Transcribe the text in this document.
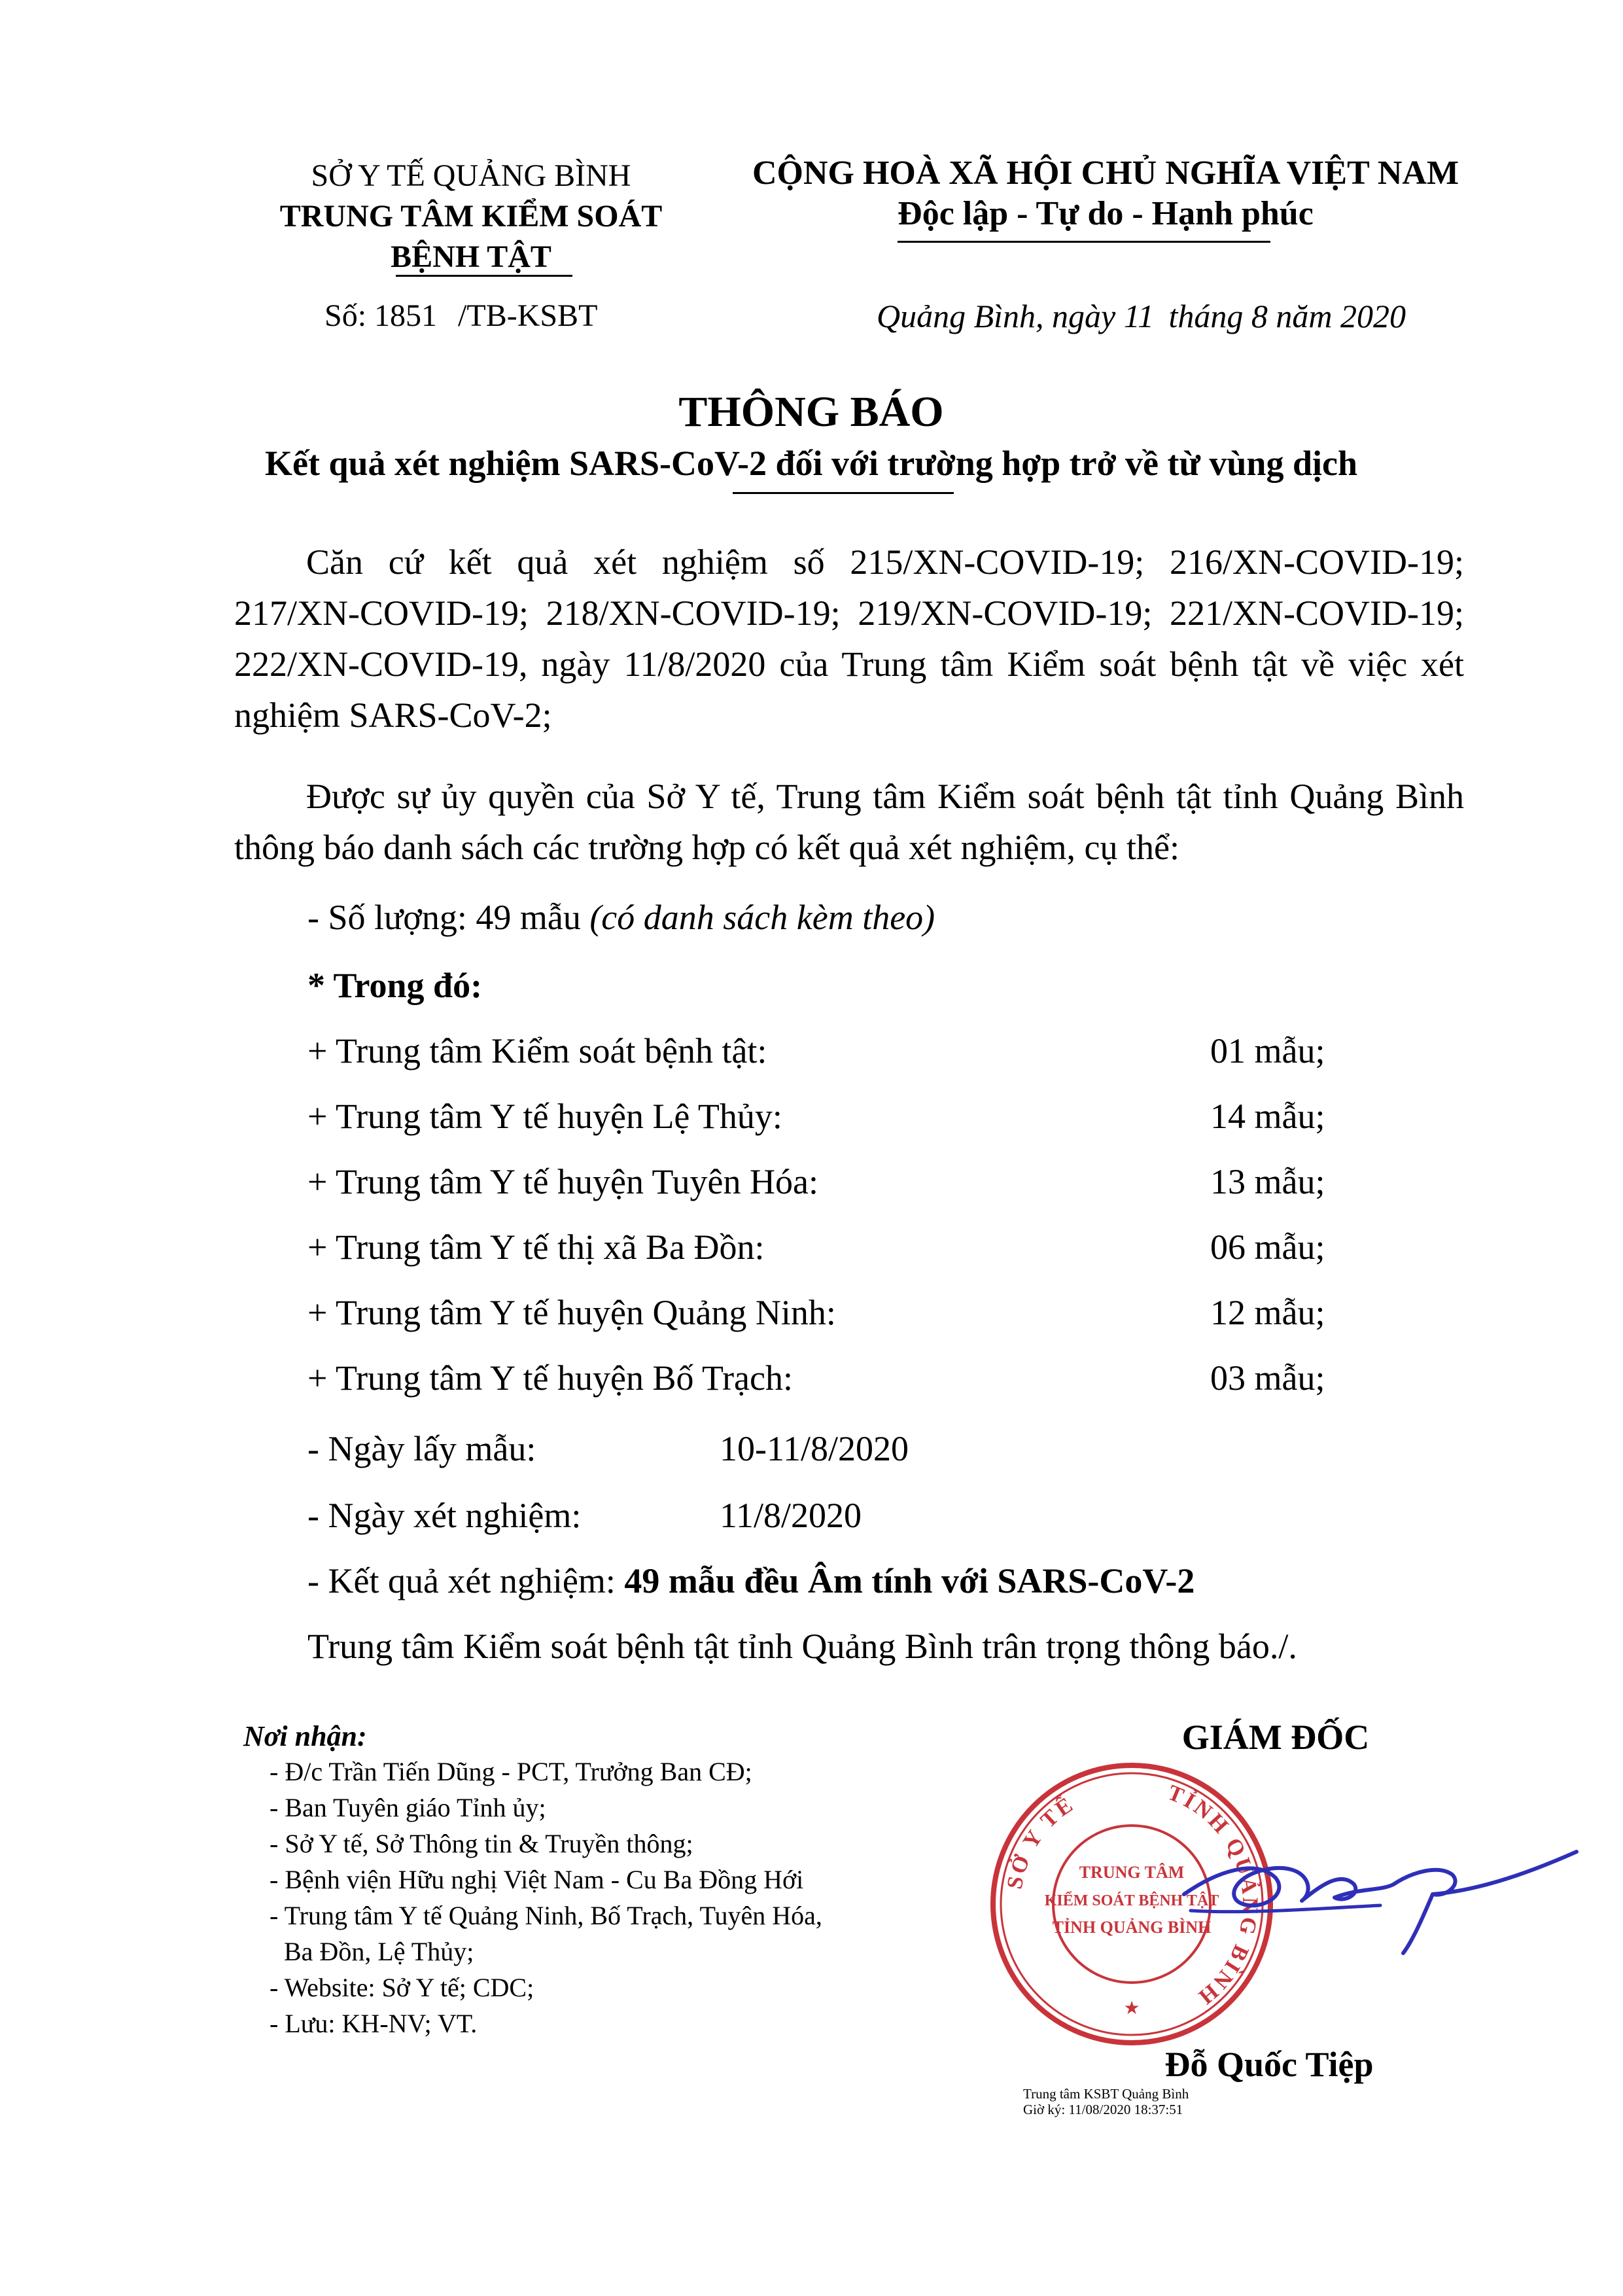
SỞ Y TẾ QUẢNG BÌNH
TRUNG TÂM KIỂM SOÁT
BỆNH TẬT
Số: 1851 /TB-KSBT
CỘNG HOÀ XÃ HỘI CHỦ NGHĨA VIỆT NAM
Độc lập - Tự do - Hạnh phúc
Quảng Bình, ngày 11 tháng 8 năm 2020
THÔNG BÁO
Kết quả xét nghiệm SARS-CoV-2 đối với trường hợp trở về từ vùng dịch
Căn cứ kết quả xét nghiệm số 215/XN-COVID-19; 216/XN-COVID-19; 217/XN-COVID-19; 218/XN-COVID-19; 219/XN-COVID-19; 221/XN-COVID-19; 222/XN-COVID-19, ngày 11/8/2020 của Trung tâm Kiểm soát bệnh tật về việc xét nghiệm SARS-CoV-2;
Được sự ủy quyền của Sở Y tế, Trung tâm Kiểm soát bệnh tật tỉnh Quảng Bình thông báo danh sách các trường hợp có kết quả xét nghiệm, cụ thể:
- Số lượng: 49 mẫu (có danh sách kèm theo)
* Trong đó:
+ Trung tâm Kiểm soát bệnh tật:	01 mẫu;
+ Trung tâm Y tế huyện Lệ Thủy:	14 mẫu;
+ Trung tâm Y tế huyện Tuyên Hóa:	13 mẫu;
+ Trung tâm Y tế thị xã Ba Đồn:	06 mẫu;
+ Trung tâm Y tế huyện Quảng Ninh:	12 mẫu;
+ Trung tâm Y tế huyện Bố Trạch:	03 mẫu;
- Ngày lấy mẫu:	10-11/8/2020
- Ngày xét nghiệm:	11/8/2020
- Kết quả xét nghiệm: 49 mẫu đều Âm tính với SARS-CoV-2
Trung tâm Kiểm soát bệnh tật tỉnh Quảng Bình trân trọng thông báo./.
Nơi nhận:
- Đ/c Trần Tiến Dũng - PCT, Trưởng Ban CĐ;
- Ban Tuyên giáo Tỉnh ủy;
- Sở Y tế, Sở Thông tin & Truyền thông;
- Bệnh viện Hữu nghị Việt Nam - Cu Ba Đồng Hới
- Trung tâm Y tế Quảng Ninh, Bố Trạch, Tuyên Hóa,
Ba Đồn, Lệ Thủy;
- Website: Sở Y tế; CDC;
- Lưu: KH-NV; VT.
GIÁM ĐỐC
SỞ Y TẾ	TỈNH QUẢNG BÌNH
TRUNG TÂM
KIỂM SOÁT BỆNH TẬT
TỈNH QUẢNG BÌNH
★
Đỗ Quốc Tiệp
Trung tâm KSBT Quảng Bình
Giờ ký: 11/08/2020 18:37:51
